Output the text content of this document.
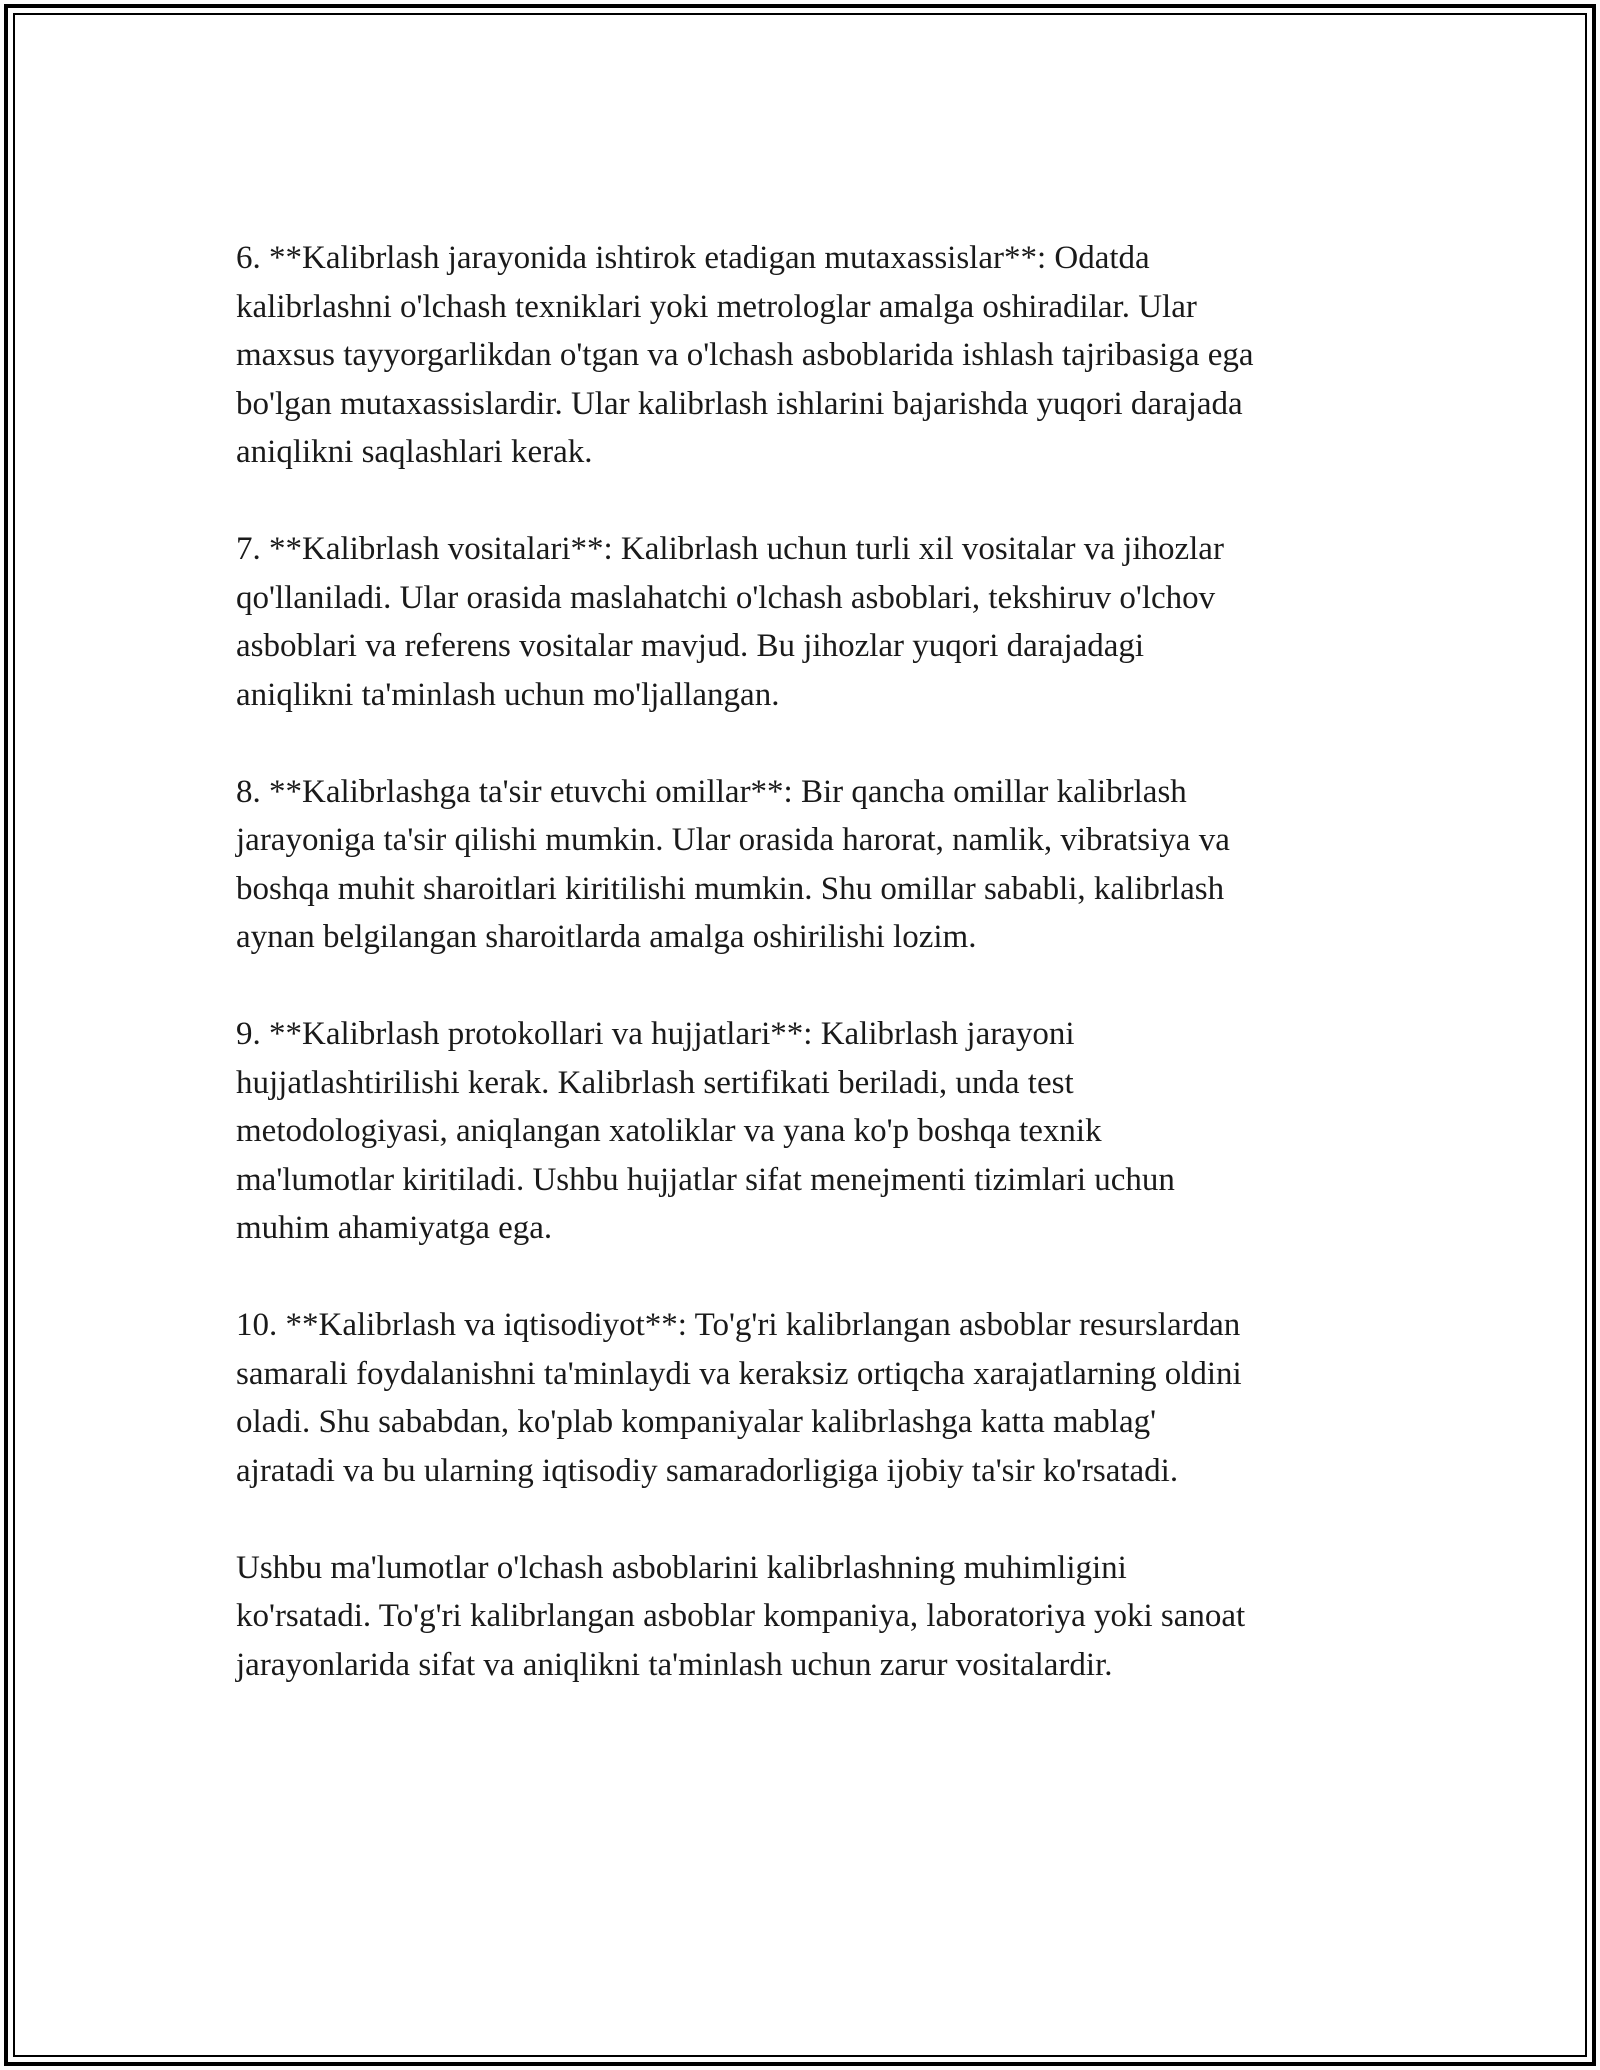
6. **Kalibrlash jarayonida ishtirok etadigan mutaxassislar**: Odatda
kalibrlashni o'lchash texniklari yoki metrologlar amalga oshiradilar. Ular
maxsus tayyorgarlikdan o'tgan va o'lchash asboblarida ishlash tajribasiga ega
bo'lgan mutaxassislardir. Ular kalibrlash ishlarini bajarishda yuqori darajada
aniqlikni saqlashlari kerak.

7. **Kalibrlash vositalari**: Kalibrlash uchun turli xil vositalar va jihozlar
qo'llaniladi. Ular orasida maslahatchi o'lchash asboblari, tekshiruv o'lchov
asboblari va referens vositalar mavjud. Bu jihozlar yuqori darajadagi
aniqlikni ta'minlash uchun mo'ljallangan.

8. **Kalibrlashga ta'sir etuvchi omillar**: Bir qancha omillar kalibrlash
jarayoniga ta'sir qilishi mumkin. Ular orasida harorat, namlik, vibratsiya va
boshqa muhit sharoitlari kiritilishi mumkin. Shu omillar sababli, kalibrlash
aynan belgilangan sharoitlarda amalga oshirilishi lozim.

9. **Kalibrlash protokollari va hujjatlari**: Kalibrlash jarayoni
hujjatlashtirilishi kerak. Kalibrlash sertifikati beriladi, unda test
metodologiyasi, aniqlangan xatoliklar va yana ko'p boshqa texnik
ma'lumotlar kiritiladi. Ushbu hujjatlar sifat menejmenti tizimlari uchun
muhim ahamiyatga ega.

10. **Kalibrlash va iqtisodiyot**: To'g'ri kalibrlangan asboblar resurslardan
samarali foydalanishni ta'minlaydi va keraksiz ortiqcha xarajatlarning oldini
oladi. Shu sababdan, ko'plab kompaniyalar kalibrlashga katta mablag'
ajratadi va bu ularning iqtisodiy samaradorligiga ijobiy ta'sir ko'rsatadi.

Ushbu ma'lumotlar o'lchash asboblarini kalibrlashning muhimligini
ko'rsatadi. To'g'ri kalibrlangan asboblar kompaniya, laboratoriya yoki sanoat
jarayonlarida sifat va aniqlikni ta'minlash uchun zarur vositalardir.
